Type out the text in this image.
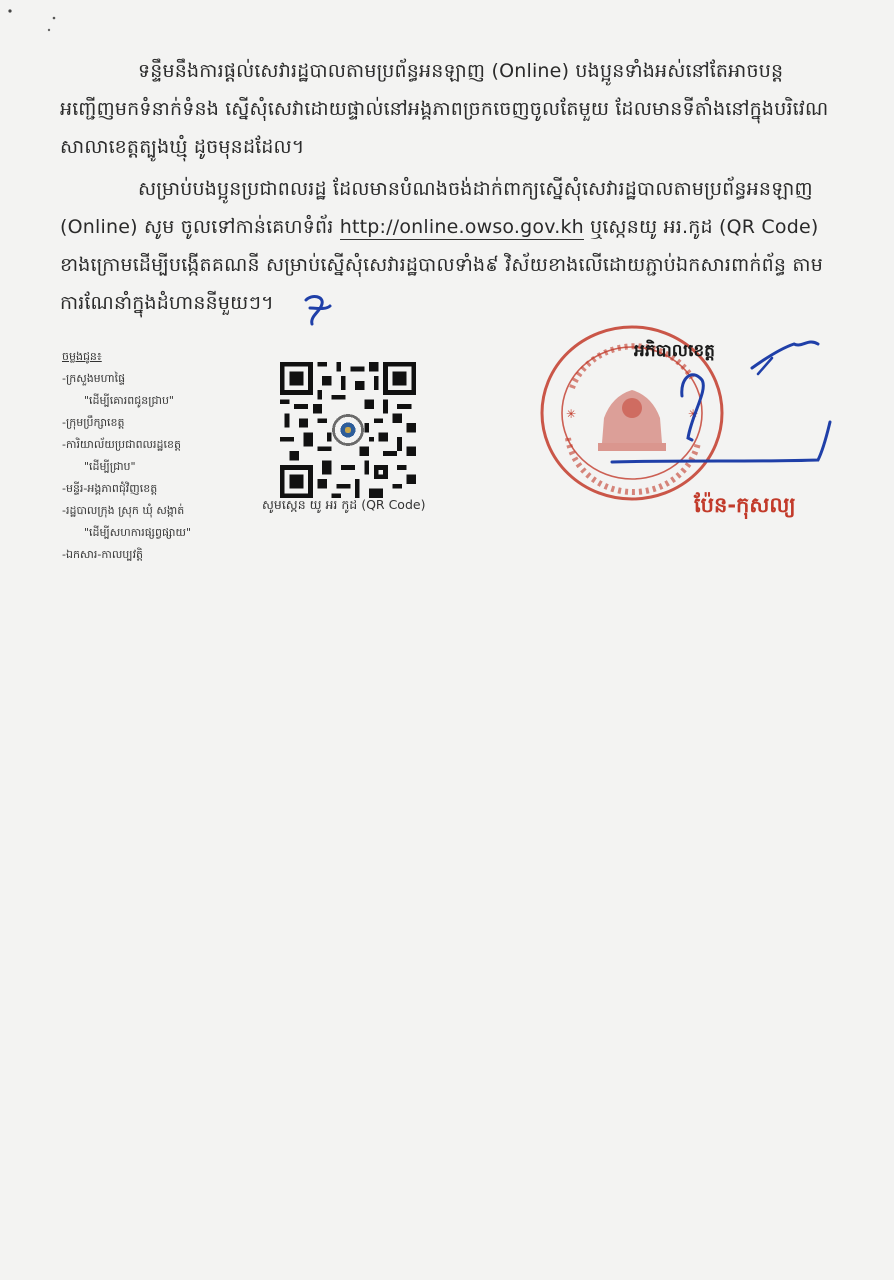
ទន្ទឹមនឹងការផ្តល់សេវារដ្ឋបាលតាមប្រព័ន្ធអនឡាញ (Online) បងប្អូនទាំងអស់នៅតែអាចបន្តអញ្ជើញមកទំនាក់ទំនង ស្នើសុំសេវាដោយផ្ទាល់នៅអង្គភាពច្រកចេញចូលតែមួយ ដែលមានទីតាំងនៅក្នុងបរិវេណសាលាខេត្តត្បូងឃ្មុំ ដូចមុនដដែល។

សម្រាប់បងប្អូនប្រជាពលរដ្ឋ ដែលមានបំណងចង់ដាក់ពាក្យស្នើសុំសេវារដ្ឋបាលតាមប្រព័ន្ធអនឡាញ (Online) សូម ចូលទៅកាន់គេហទំព័រ http://online.owso.gov.kh ឬស្កេនយូ អរ.កូដ (QR Code) ខាងក្រោមដើម្បីបង្កើតគណនី សម្រាប់ស្នើសុំសេវារដ្ឋបាលទាំង៩ វិស័យខាងលើដោយភ្ជាប់ឯកសារពាក់ព័ន្ធ តាមការណែនាំក្នុងដំហាននីមួយៗ។

ចម្លងជូន៖
-ក្រសួងមហាផ្ទៃ
"ដើម្បីគោរពជូនជ្រាប"
-ក្រុមប្រឹក្សាខេត្ត
-ការិយាល័យប្រជាពលរដ្ឋខេត្ត
"ដើម្បីជ្រាប"
-មន្ទីរ-អង្គភាពជុំវិញខេត្ត
-រដ្ឋបាលក្រុង ស្រុក ឃុំ សង្កាត់
"ដើម្បីសហការផ្សព្វផ្សាយ"
-ឯកសារ-កាលប្បវត្តិ
សូមស្កេន យូ អរ កូដ (QR Code)
✳	✳
អភិបាលខេត្ត
ប៉ែន-កុសល្យ
